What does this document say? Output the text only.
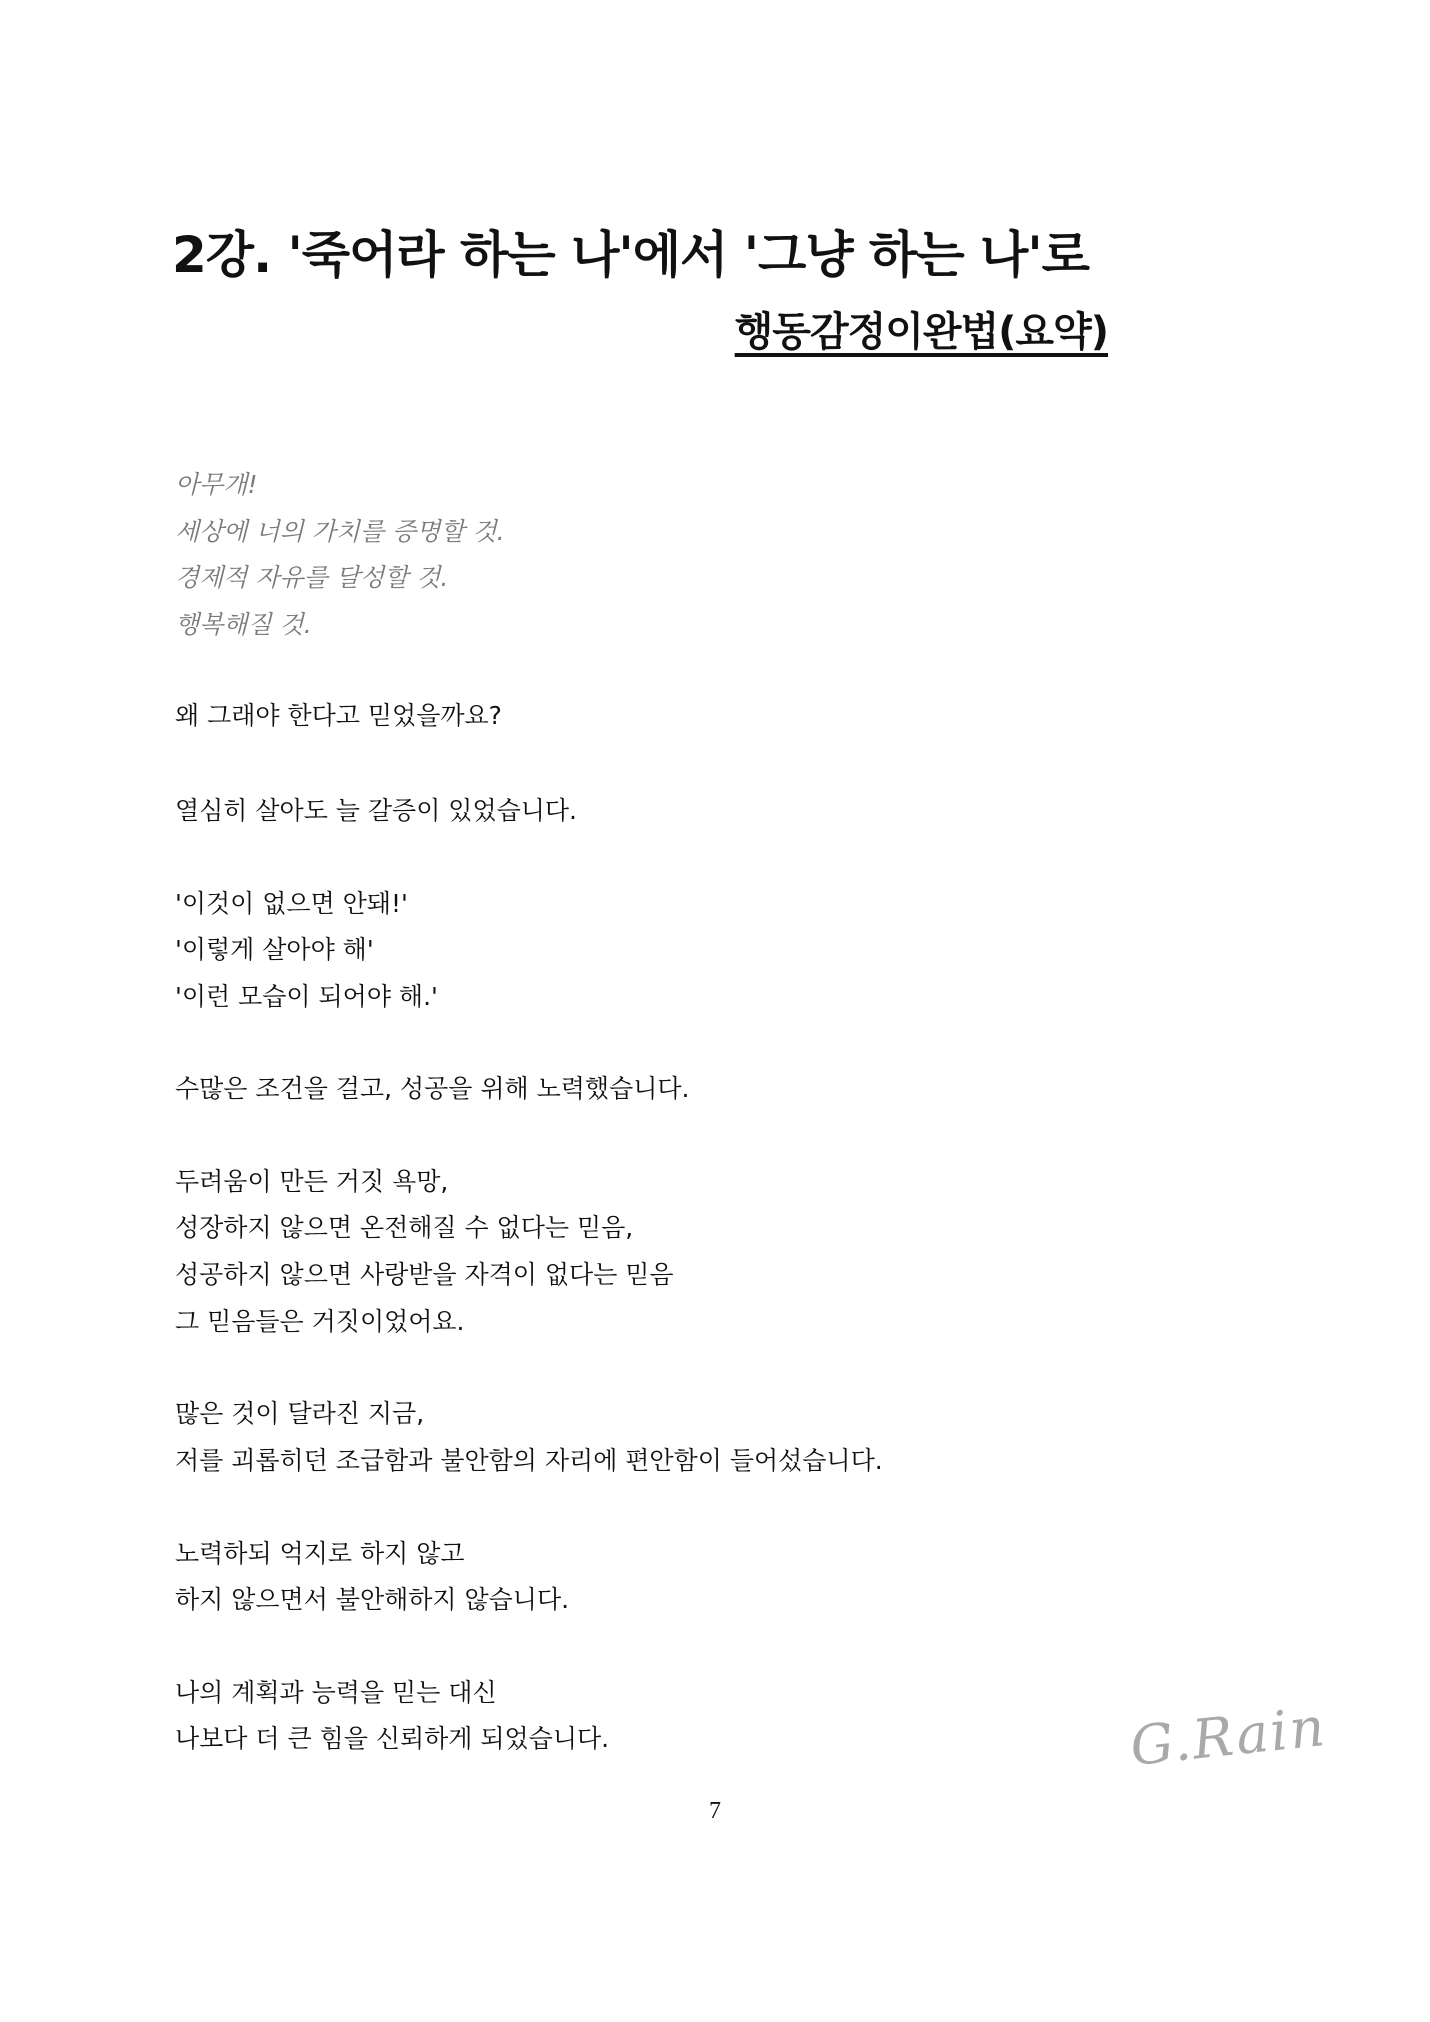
2강. '죽어라 하는 나'에서 '그냥 하는 나'로
행동감정이완법(요약)
아무개!
세상에 너의 가치를 증명할 것.
경제적 자유를 달성할 것.
행복해질 것.
왜 그래야 한다고 믿었을까요?
열심히 살아도 늘 갈증이 있었습니다.
'이것이 없으면 안돼!'
'이렇게 살아야 해'
'이런 모습이 되어야 해.'
수많은 조건을 걸고, 성공을 위해 노력했습니다.
두려움이 만든 거짓 욕망,
성장하지 않으면 온전해질 수 없다는 믿음,
성공하지 않으면 사랑받을 자격이 없다는 믿음
그 믿음들은 거짓이었어요.
많은 것이 달라진 지금,
저를 괴롭히던 조급함과 불안함의 자리에 편안함이 들어섰습니다.
노력하되 억지로 하지 않고
하지 않으면서 불안해하지 않습니다.
나의 계획과 능력을 믿는 대신
나보다 더 큰 힘을 신뢰하게 되었습니다.	G.Rain
7
